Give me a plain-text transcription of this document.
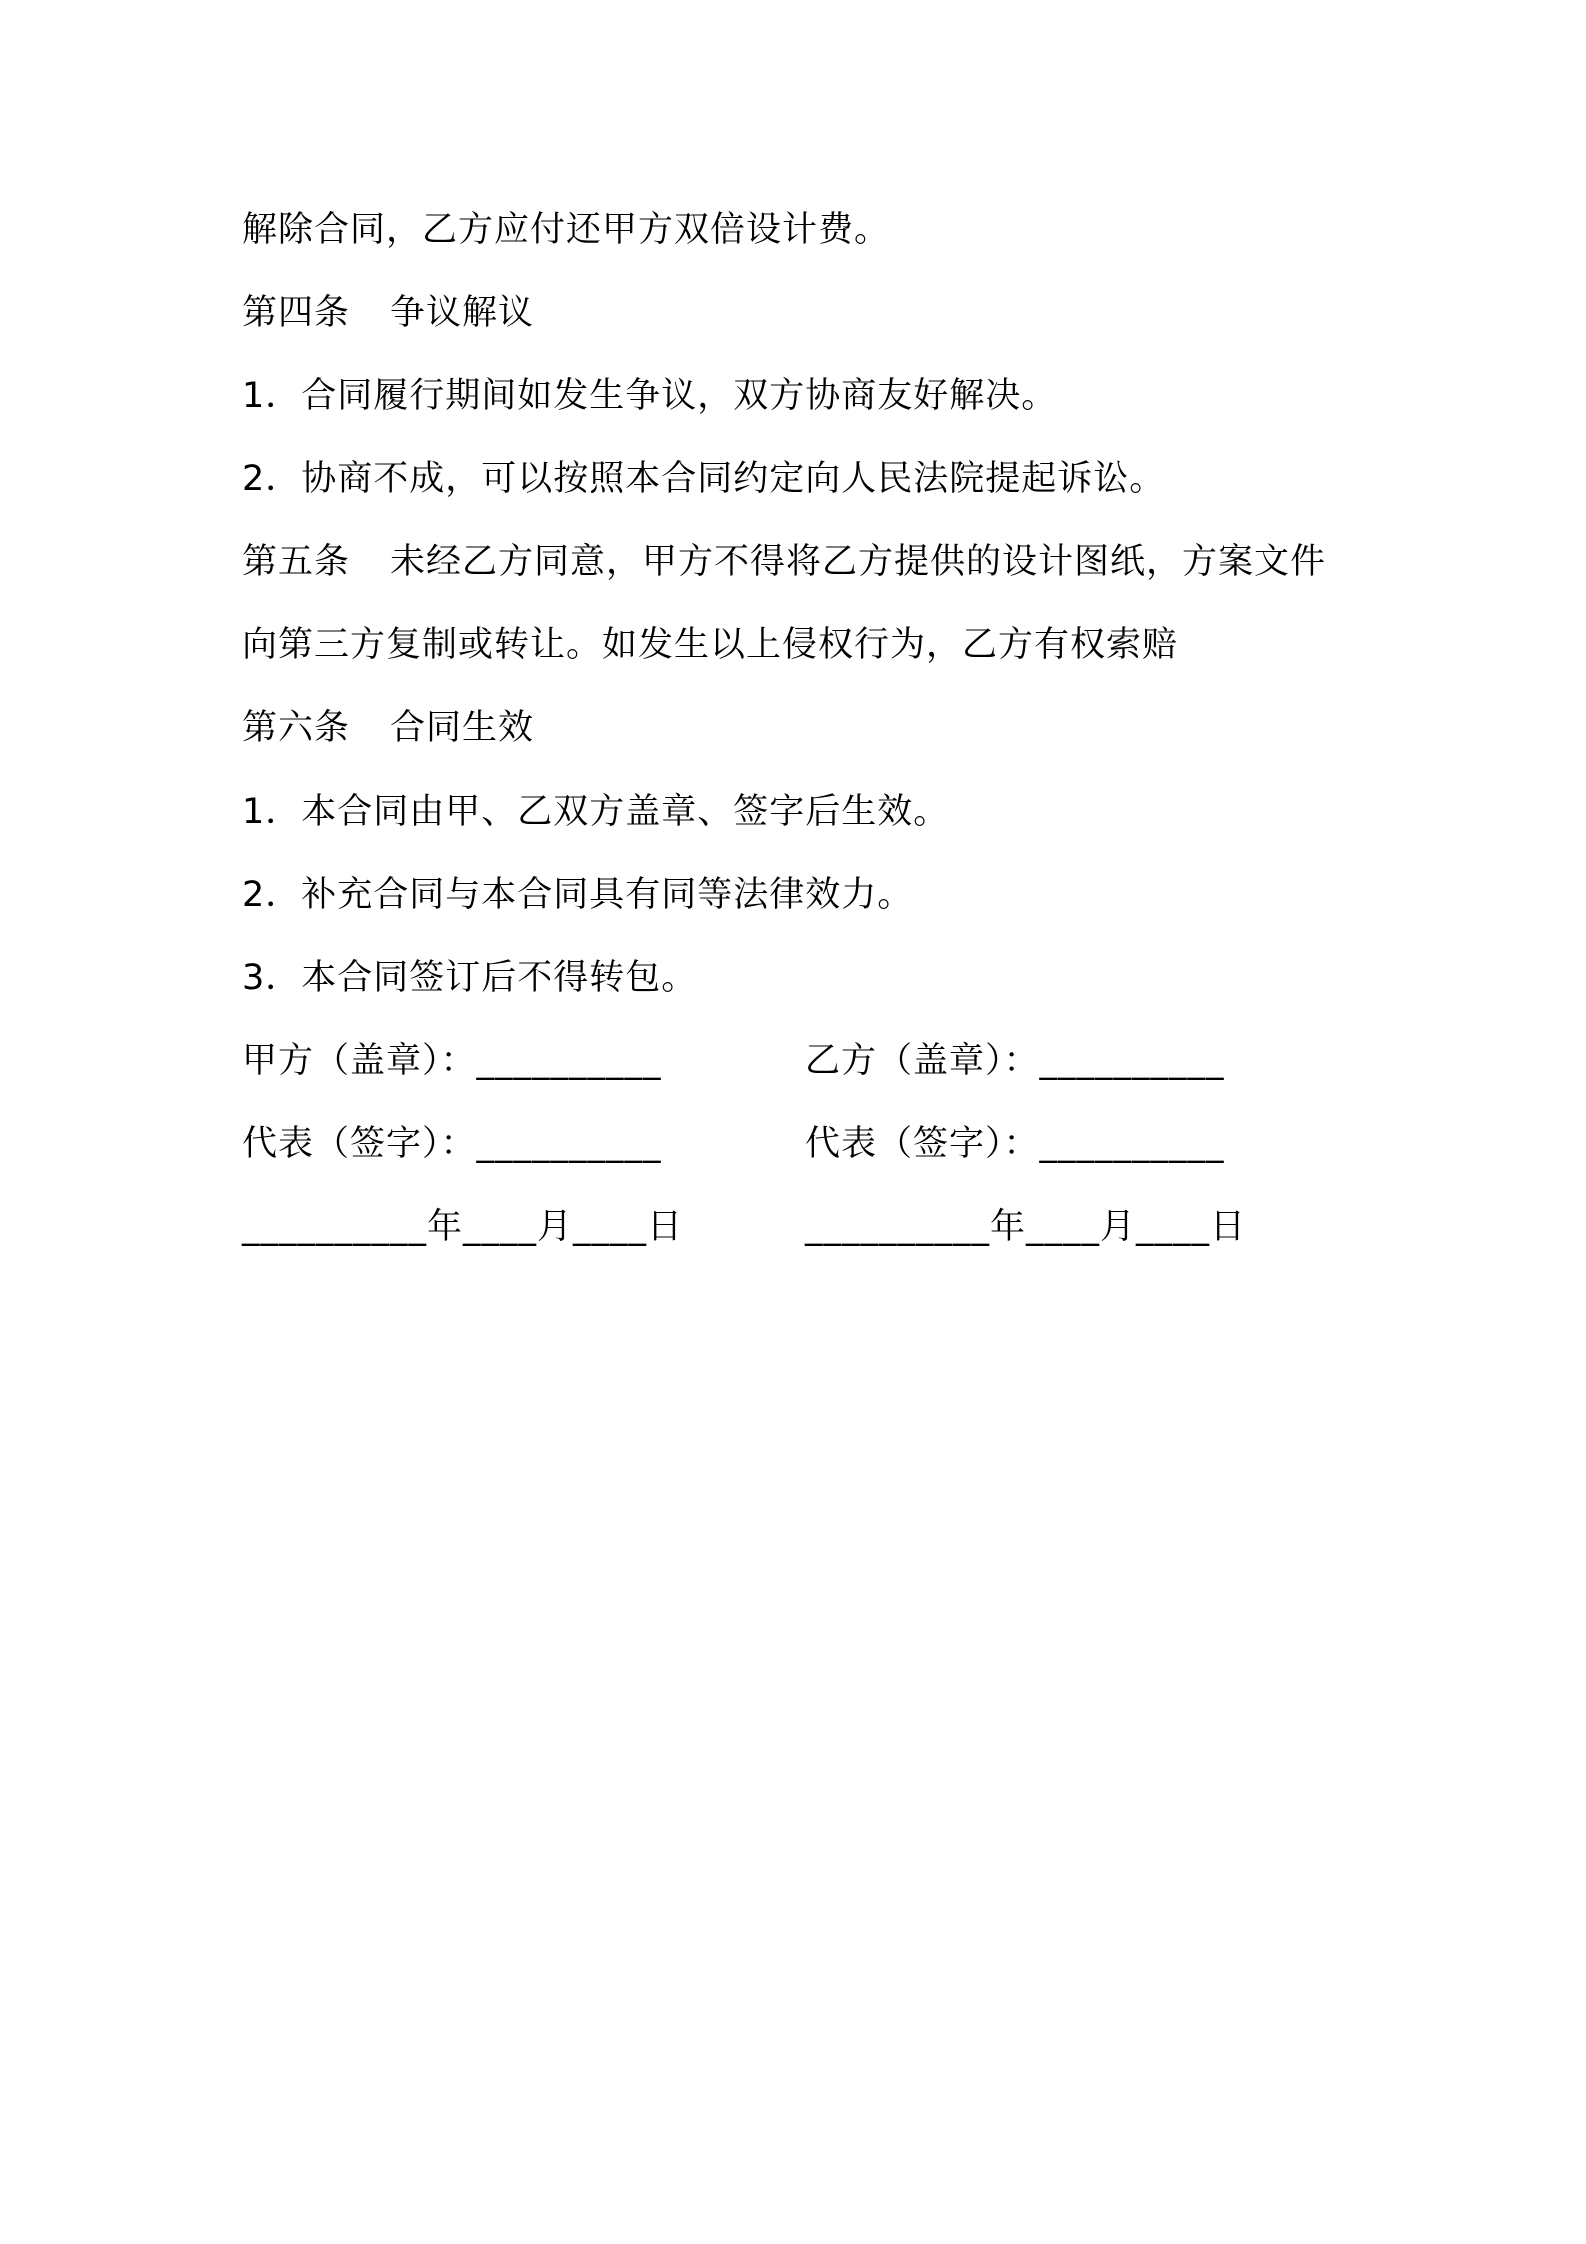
解除合同，乙方应付还甲方双倍设计费。
第四条 争议解议
1．合同履行期间如发生争议，双方协商友好解决。
2．协商不成，可以按照本合同约定向人民法院提起诉讼。
第五条 未经乙方同意，甲方不得将乙方提供的设计图纸，方案文件
向第三方复制或转让。如发生以上侵权行为，乙方有权索赔
第六条 合同生效
1．本合同由甲、乙双方盖章、签字后生效。
2．补充合同与本合同具有同等法律效力。
3．本合同签订后不得转包。
甲方（盖章）：__________	乙方（盖章）：__________
代表（签字）：__________	代表（签字）：__________
__________年____月____日	__________年____月____日
